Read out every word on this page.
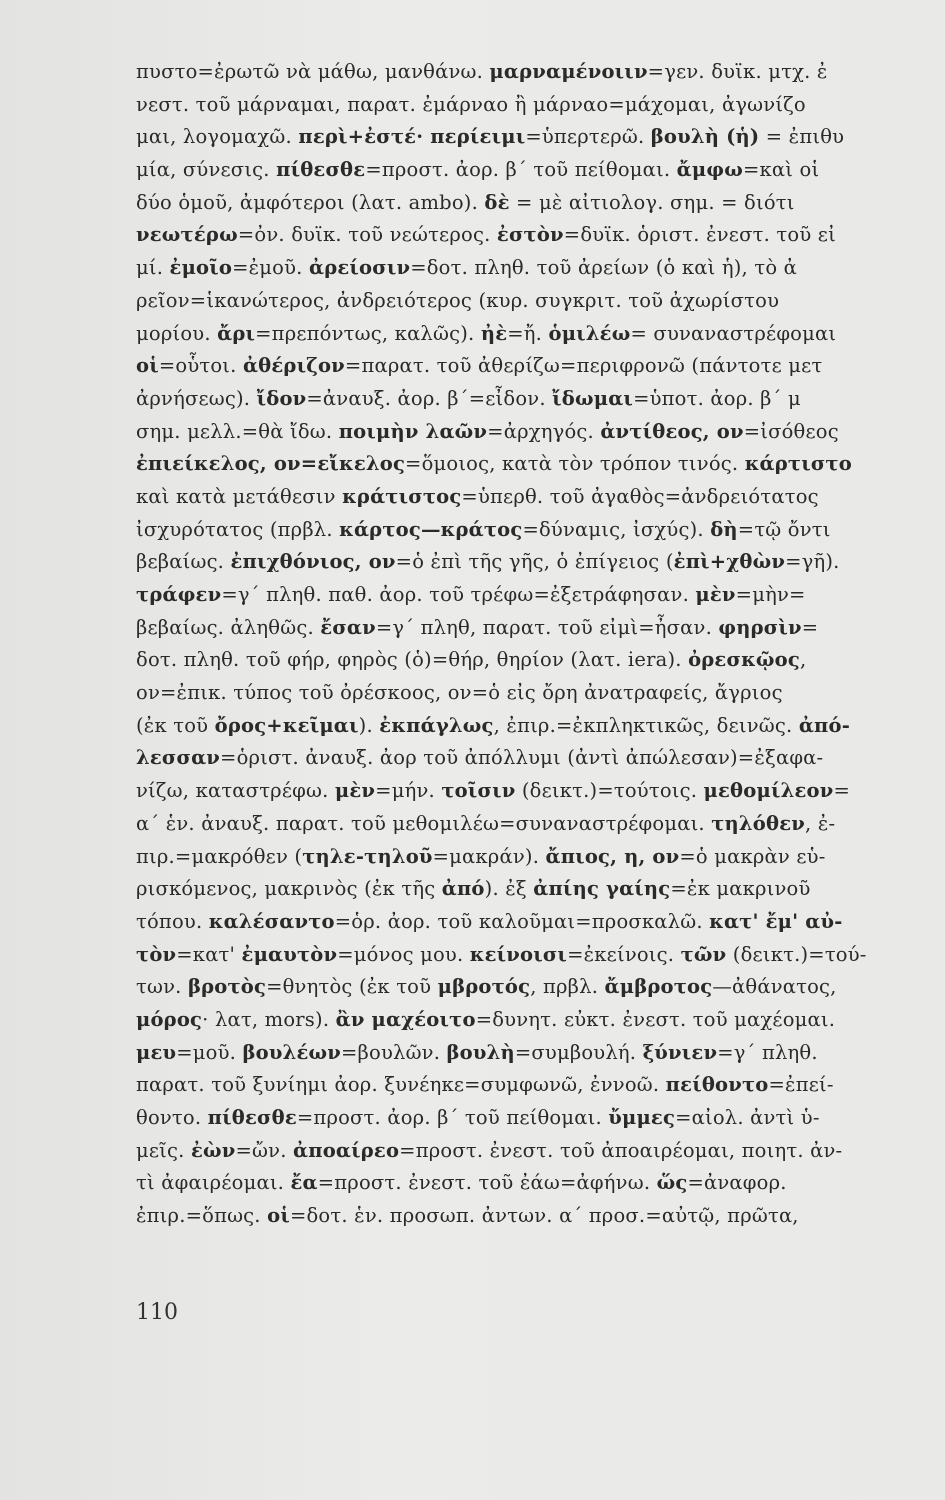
πυστο=ἐρωτῶ νὰ μάθω, μανθάνω. μαρναμένοιιν=γεν. δυϊκ. μτχ. ἐ
νεστ. τοῦ μάρναμαι, παρατ. ἐμάρναο ἢ μάρναο=μάχομαι, ἀγωνίζο
μαι, λογομαχῶ. περὶ+ἐστέ· περίειμι=ὑπερτερῶ. βουλὴ (ἡ) = ἐπιθυ
μία, σύνεσις. πίθεσθε=προστ. ἀορ. β΄ τοῦ πείθομαι. ἄμφω=καὶ οἱ
δύο ὁμοῦ, ἀμφότεροι (λατ. ambo). δὲ = μὲ αἰτιολογ. σημ. = διότι
νεωτέρω=ὀν. δυϊκ. τοῦ νεώτερος. ἐστὸν=δυϊκ. ὁριστ. ἐνεστ. τοῦ εἰ
μί. ἐμοῖο=ἐμοῦ. ἀρείοσιν=δοτ. πληθ. τοῦ ἀρείων (ὁ καὶ ἡ), τὸ ἀ
ρεῖον=ἱκανώτερος, ἀνδρειότερος (κυρ. συγκριτ. τοῦ ἀχωρίστου
μορίου. ἄρι=πρεπόντως, καλῶς). ἠὲ=ἤ. ὁμιλέω= συναναστρέφομαι
οἱ=οὗτοι. ἀθέριζον=παρατ. τοῦ ἀθερίζω=περιφρονῶ (πάντοτε μετ
ἀρνήσεως). ἴδον=ἀναυξ. ἀορ. β΄=εἶδον. ἴδωμαι=ὑποτ. ἀορ. β΄ μ
σημ. μελλ.=θὰ ἴδω. ποιμὴν λαῶν=ἀρχηγός. ἀντίθεος, ον=ἰσόθεος
ἐπιείκελος, ον=εἴκελος=ὅμοιος, κατὰ τὸν τρόπον τινός. κάρτιστο
καὶ κατὰ μετάθεσιν κράτιστος=ὑπερθ. τοῦ ἀγαθὸς=ἀνδρειότατος
ἰσχυρότατος (πρβλ. κάρτος—κράτος=δύναμις, ἰσχύς). δὴ=τῷ ὄντι
βεβαίως. ἐπιχθόνιος, ον=ὁ ἐπὶ τῆς γῆς, ὁ ἐπίγειος (ἐπὶ+χθὼν=γῆ).
τράφεν=γ΄ πληθ. παθ. ἀορ. τοῦ τρέφω=ἐξετράφησαν. μὲν=μὴν=
βεβαίως. ἀληθῶς. ἔσαν=γ΄ πληθ, παρατ. τοῦ εἰμὶ=ἦσαν. φηρσὶν=
δοτ. πληθ. τοῦ φήρ, φηρὸς (ὁ)=θήρ, θηρίον (λατ. iera). ὀρεσκῷος,
ον=ἐπικ. τύπος τοῦ ὀρέσκοος, ον=ὁ εἰς ὄρη ἀνατραφείς, ἄγριος
(ἐκ τοῦ ὄρος+κεῖμαι). ἐκπάγλως, ἐπιρ.=ἐκπληκτικῶς, δεινῶς. ἀπό-
λεσσαν=ὁριστ. ἀναυξ. ἀορ τοῦ ἀπόλλυμι (ἀντὶ ἀπώλεσαν)=ἐξαφα-
νίζω, καταστρέφω. μὲν=μήν. τοῖσιν (δεικτ.)=τούτοις. μεθομίλεον=
α΄ ἑν. ἀναυξ. παρατ. τοῦ μεθομιλέω=συναναστρέφομαι. τηλόθεν, ἐ-
πιρ.=μακρόθεν (τηλε-τηλοῦ=μακράν). ἄπιος, η, ον=ὁ μακρὰν εὑ-
ρισκόμενος, μακρινὸς (ἐκ τῆς ἀπό). ἐξ ἀπίης γαίης=ἐκ μακρινοῦ
τόπου. καλέσαντο=ὁρ. ἀορ. τοῦ καλοῦμαι=προσκαλῶ. κατ' ἔμ' αὐ-
τὸν=κατ' ἐμαυτὸν=μόνος μου. κείνοισι=ἐκείνοις. τῶν (δεικτ.)=τού-
των. βροτὸς=θνητὸς (ἐκ τοῦ μβροτός, πρβλ. ἄμβροτος—ἀθάνατος,
μόρος· λατ, mors). ἂν μαχέοιτο=δυνητ. εὐκτ. ἐνεστ. τοῦ μαχέομαι.
μευ=μοῦ. βουλέων=βουλῶν. βουλὴ=συμβουλή. ξύνιεν=γ΄ πληθ.
παρατ. τοῦ ξυνίημι ἀορ. ξυνέηκε=συμφωνῶ, ἐννοῶ. πείθοντο=ἐπεί-
θοντο. πίθεσθε=προστ. ἀορ. β΄ τοῦ πείθομαι. ὔμμες=αἰολ. ἀντὶ ὑ-
μεῖς. ἐὼν=ὤν. ἀποαίρεο=προστ. ἐνεστ. τοῦ ἀποαιρέομαι, ποιητ. ἀν-
τὶ ἀφαιρέομαι. ἔα=προστ. ἐνεστ. τοῦ ἐάω=ἀφήνω. ὥς=ἀναφορ.
ἐπιρ.=ὅπως. οἱ=δοτ. ἑν. προσωπ. ἀντων. α΄ προσ.=αὐτῷ, πρῶτα,
110
